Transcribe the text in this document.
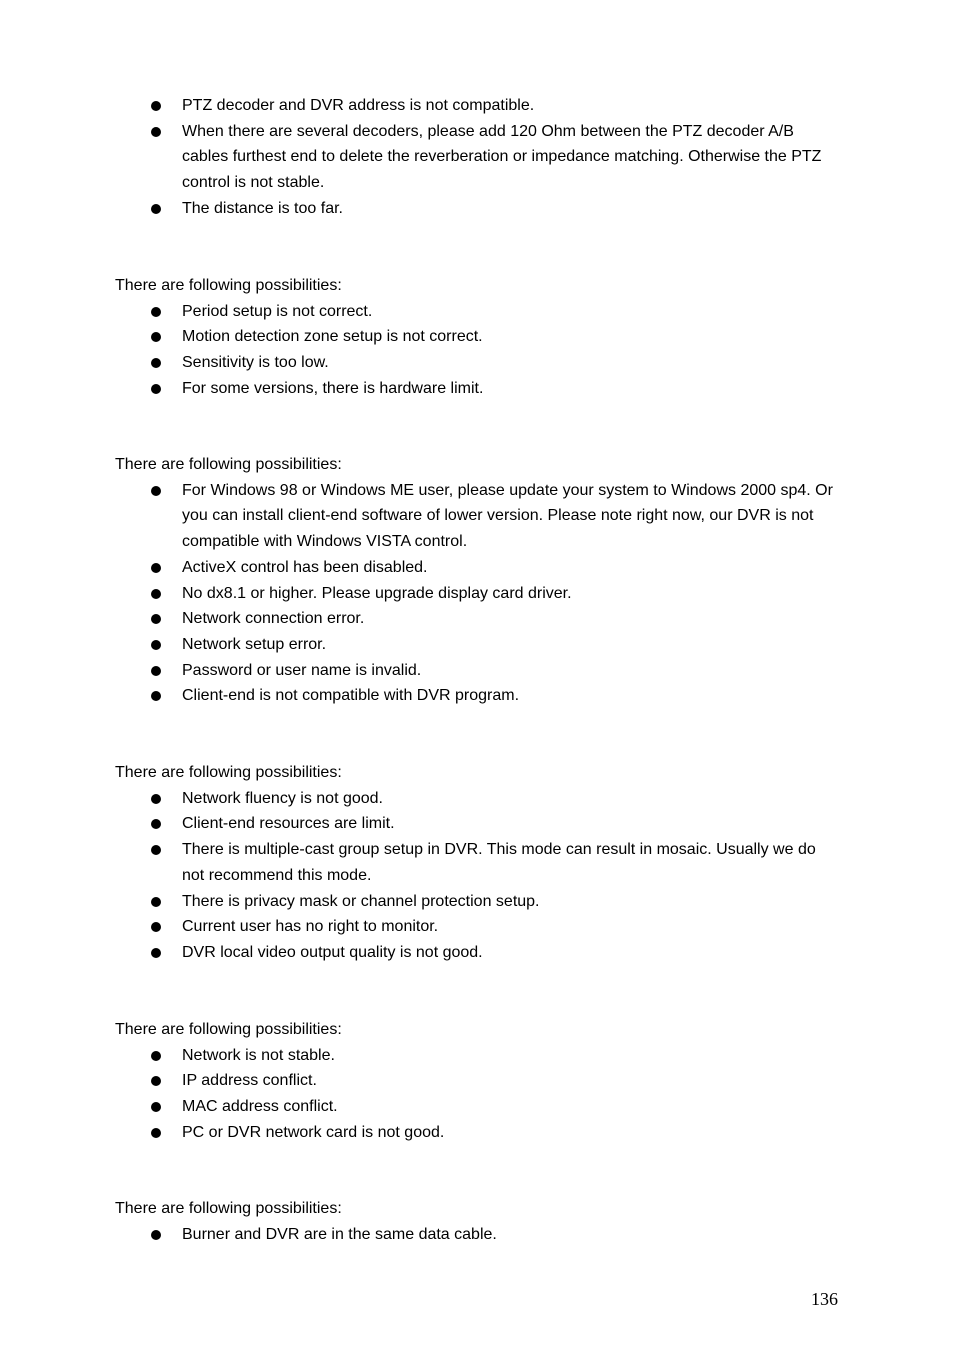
PTZ decoder and DVR address is not compatible.
When there are several decoders, please add 120 Ohm between the PTZ decoder A/B cables furthest end to delete the reverberation or impedance matching. Otherwise the PTZ control is not stable.
The distance is too far.

There are following possibilities:

Period setup is not correct.
Motion detection zone setup is not correct.
Sensitivity is too low.
For some versions, there is hardware limit.

There are following possibilities:

For Windows 98 or Windows ME user, please update your system to Windows 2000 sp4. Or you can install client-end software of lower version. Please note right now, our DVR is not compatible with Windows VISTA control.
ActiveX control has been disabled.
No dx8.1 or higher. Please upgrade display card driver.
Network connection error.
Network setup error.
Password or user name is invalid.
Client-end is not compatible with DVR program.

There are following possibilities:

Network fluency is not good.
Client-end resources are limit.
There is multiple-cast group setup in DVR. This mode can result in mosaic. Usually we do not recommend this mode.
There is privacy mask or channel protection setup.
Current user has no right to monitor.
DVR local video output quality is not good.

There are following possibilities:

Network is not stable.
IP address conflict.
MAC address conflict.
PC or DVR network card is not good.

There are following possibilities:

Burner and DVR are in the same data cable.
136
